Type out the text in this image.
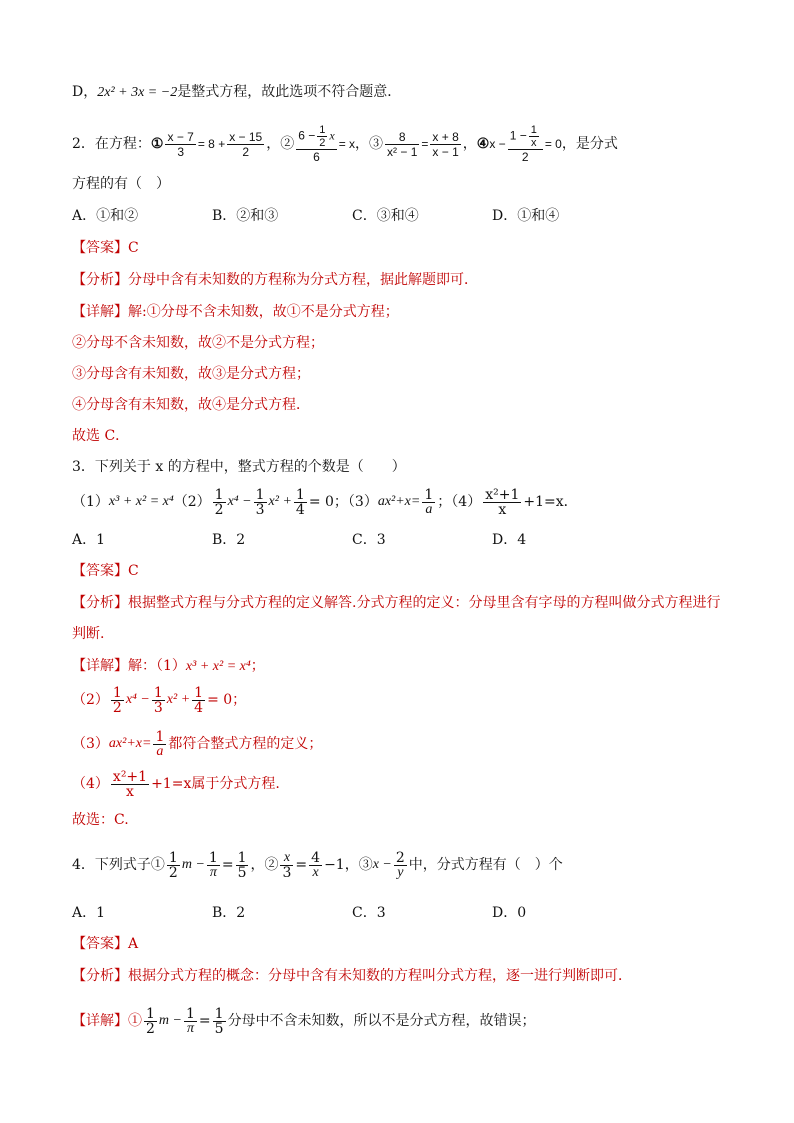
D，2x² + 3x = −2是整式方程，故此选项不符合题意．
2．在方程：① $\frac{x - 7}{3} = 8 + \frac{x - 15}{2}$ ，② $\frac{6 - \frac{1}{2} x}{6} = x$，③ $\frac{8}{\text{x² − 1}} = \frac{x + 8}{x - 1}$ ，④x − $\frac{1 - \frac{1}{x}}{2} = 0$，是分式
方程的有（　）
A．①和②	B．②和③	C．③和④	D．①和④
【答案】C
【分析】分母中含有未知数的方程称为分式方程，据此解题即可．
【详解】解:①分母不含未知数，故①不是分式方程；
②分母不含未知数，故②不是分式方程；
③分母含有未知数，故③是分式方程；
④分母含有未知数，故④是分式方程．
故选 C．
3．下列关于 x 的方程中，整式方程的个数是（　　）
$(1)x^3 + x^2 = x^4(2) \frac{1}{2} x^4 - \frac{1}{3} x^2 + \frac{1}{4} = 0$；$(3)ax^2+x= \frac{1}{a}$ ；$(4) \frac{\text{x²+1}}{x} +1=x$．
A．1	B．2	C．3	D．4
【答案】C
【分析】根据整式方程与分式方程的定义解答.分式方程的定义：分母里含有字母的方程叫做分式方程进行
判断.
【详解】解：（1）x³ + x² = x⁴；
$(2) \frac{1}{2} x^4 - \frac{1}{3} x^2 + \frac{1}{4} = 0$；
$(3)ax^2+x= \frac{1}{a}$ 都符合整式方程的定义；
$(4) \frac{\text{x²+1}}{x} +1=x$属于分式方程.
故选：C.
4．下列式子① $\frac{1}{2}$ $m - \frac{1}{\pi} = \frac{1}{5}$ ，② $\frac{x}{3} = \frac{4}{x} -1$，③x − $\frac{2}{y}$ 中，分式方程有（　）个
A．1	B．2	C．3	D．0
【答案】A
【分析】根据分式方程的概念：分母中含有未知数的方程叫分式方程，逐一进行判断即可．
【详解】① $\frac{1}{2}$ $m - \frac{1}{\pi} = \frac{1}{5}$ 分母中不含未知数，所以不是分式方程，故错误；
